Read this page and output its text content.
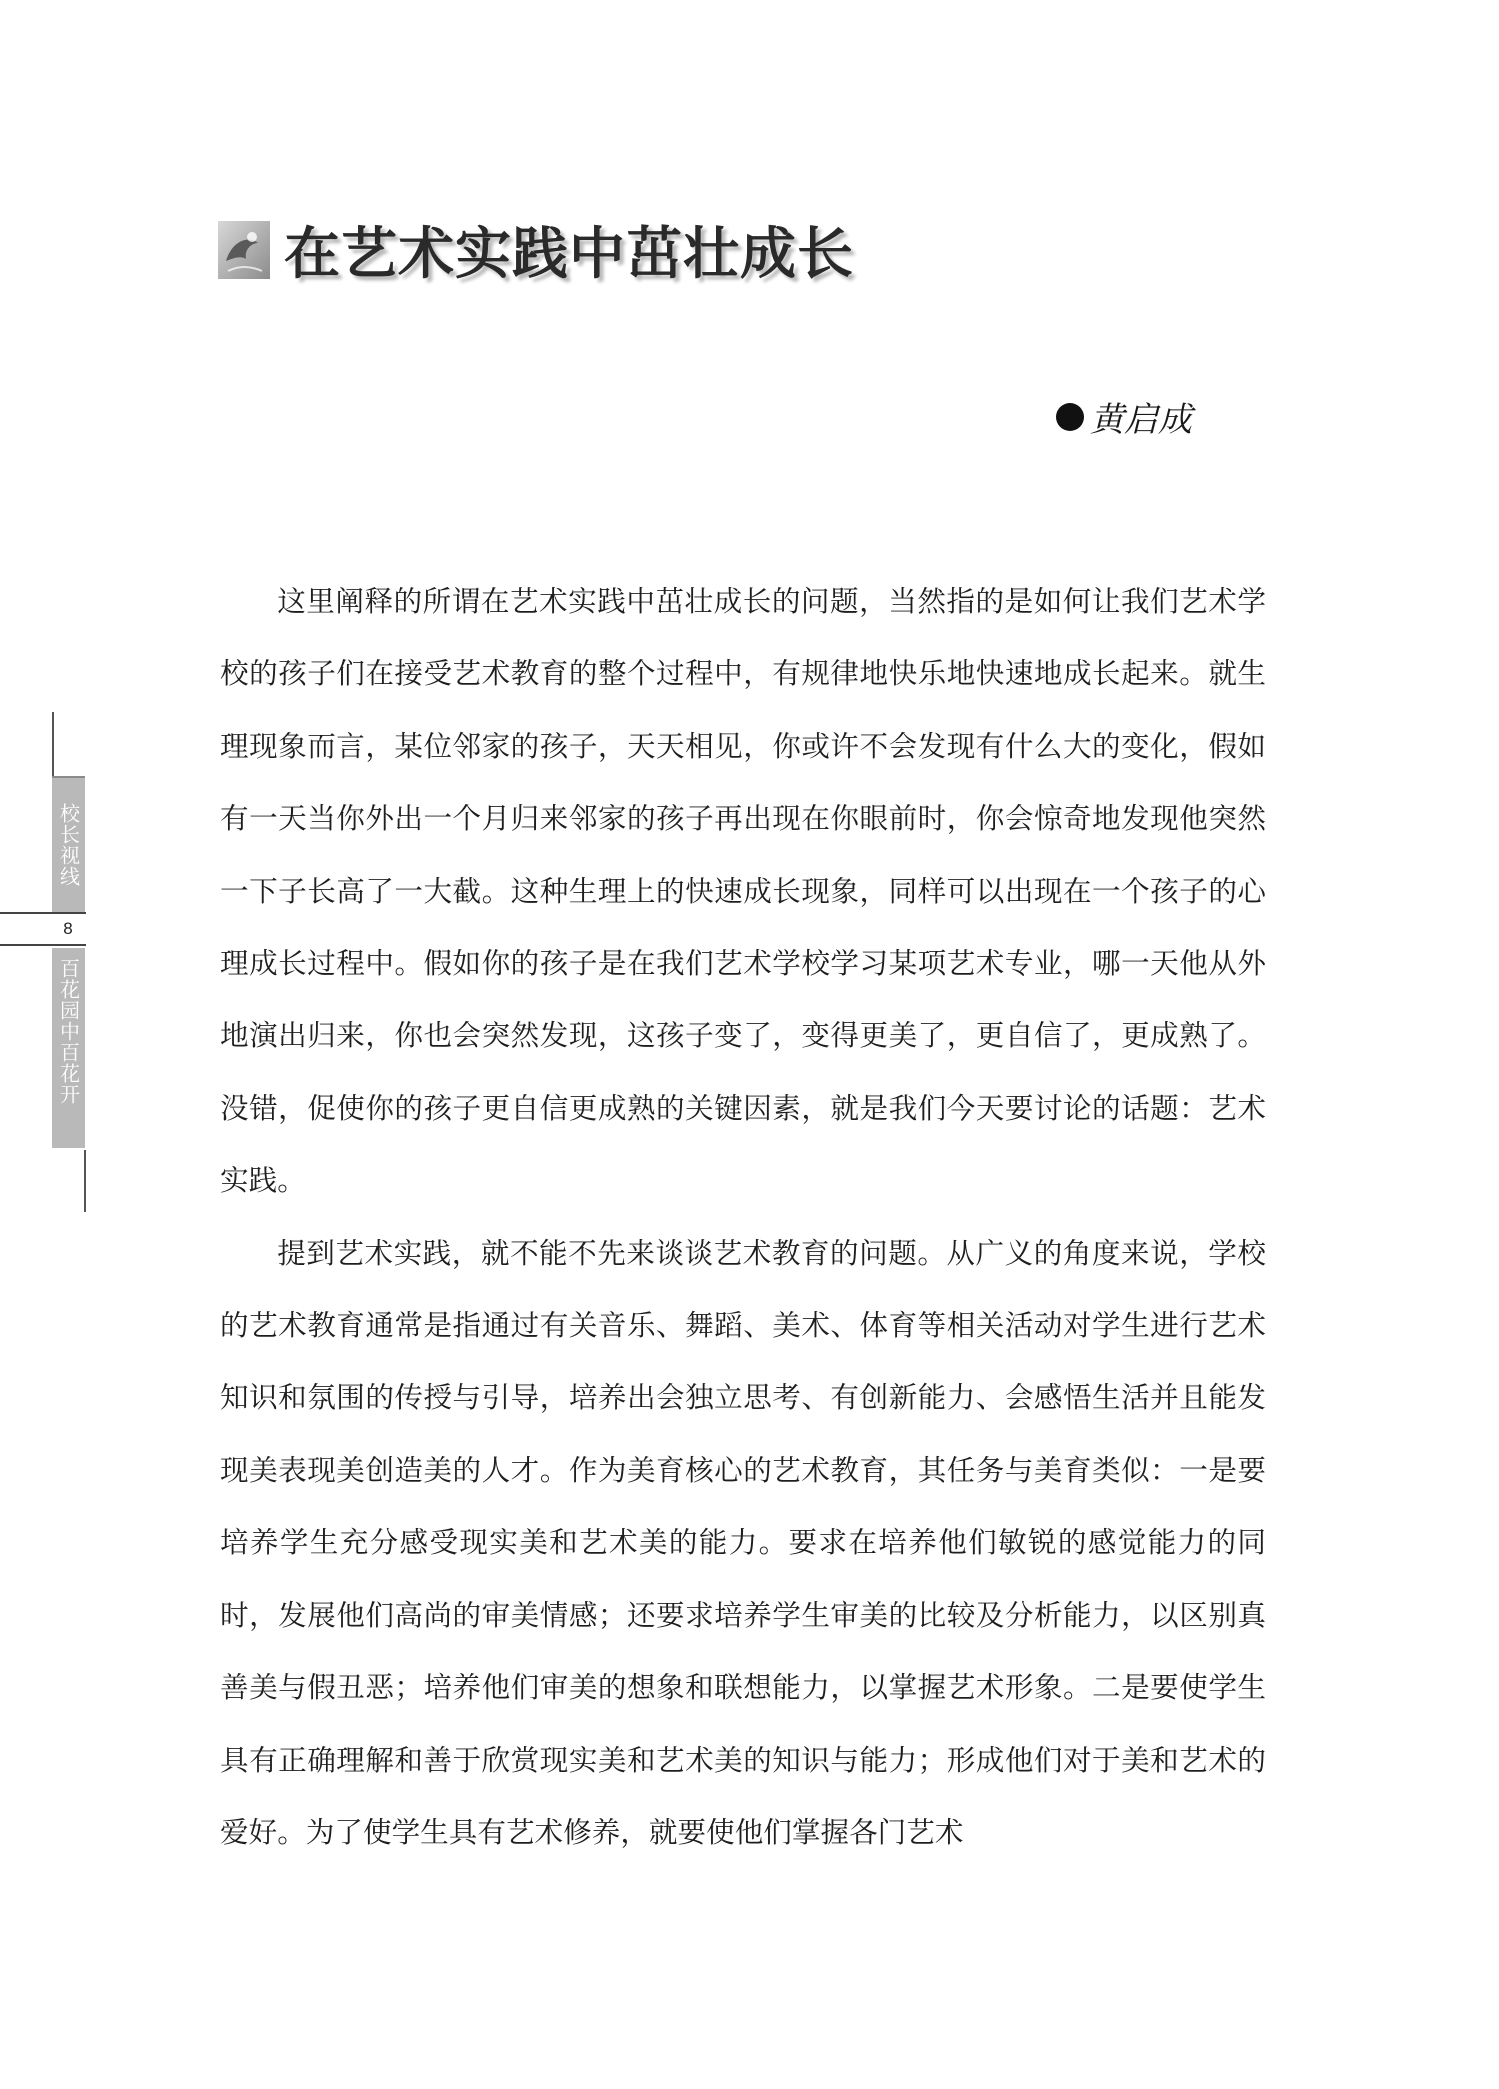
在艺术实践中茁壮成长
黄启成

这里阐释的所谓在艺术实践中茁壮成长的问题，当然指的是如何让我们艺术学校的孩子们在接受艺术教育的整个过程中，有规律地快乐地快速地成长起来。就生理现象而言，某位邻家的孩子，天天相见，你或许不会发现有什么大的变化，假如有一天当你外出一个月归来邻家的孩子再出现在你眼前时，你会惊奇地发现他突然一下子长高了一大截。这种生理上的快速成长现象，同样可以出现在一个孩子的心理成长过程中。假如你的孩子是在我们艺术学校学习某项艺术专业，哪一天他从外地演出归来，你也会突然发现，这孩子变了，变得更美了，更自信了，更成熟了。没错，促使你的孩子更自信更成熟的关键因素，就是我们今天要讨论的话题：艺术实践。

提到艺术实践，就不能不先来谈谈艺术教育的问题。从广义的角度来说，学校的艺术教育通常是指通过有关音乐、舞蹈、美术、体育等相关活动对学生进行艺术知识和氛围的传授与引导，培养出会独立思考、有创新能力、会感悟生活并且能发现美表现美创造美的人才。作为美育核心的艺术教育，其任务与美育类似：一是要培养学生充分感受现实美和艺术美的能力。要求在培养他们敏锐的感觉能力的同时，发展他们高尚的审美情感；还要求培养学生审美的比较及分析能力，以区别真善美与假丑恶；培养他们审美的想象和联想能力，以掌握艺术形象。二是要使学生具有正确理解和善于欣赏现实美和艺术美的知识与能力；形成他们对于美和艺术的爱好。为了使学生具有艺术修养，就要使他们掌握各门艺术

校长视线
8
百花园中百花开
